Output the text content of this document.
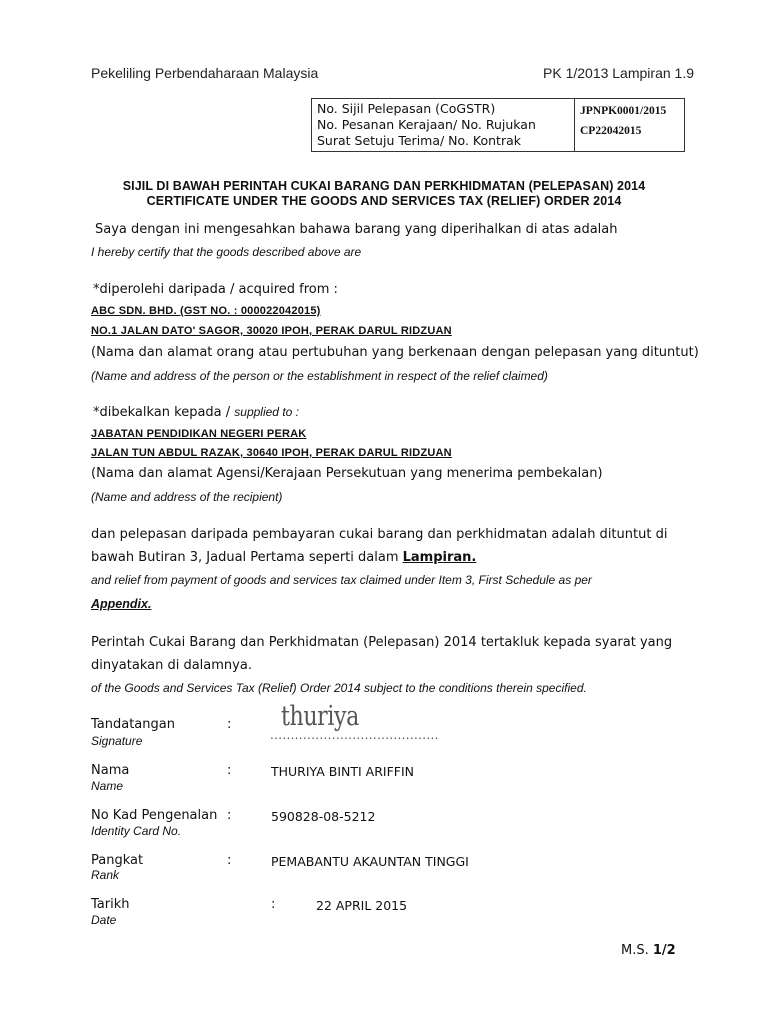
Pekeliling Perbendaharaan Malaysia	PK 1/2013 Lampiran 1.9
No. Sijil Pelepasan (CoGSTR)
No. Pesanan Kerajaan/ No. Rujukan
Surat Setuju Terima/ No. Kontrak

JPNPK0001/2015
CP22042015
SIJIL DI BAWAH PERINTAH CUKAI BARANG DAN PERKHIDMATAN (PELEPASAN) 2014
CERTIFICATE UNDER THE GOODS AND SERVICES TAX (RELIEF) ORDER 2014
Saya dengan ini mengesahkan bahawa barang yang diperihalkan di atas adalah
I hereby certify that the goods described above are
*diperolehi daripada / acquired from :
ABC SDN. BHD. (GST NO. : 000022042015)
NO.1 JALAN DATO' SAGOR, 30020 IPOH, PERAK DARUL RIDZUAN
(Nama dan alamat orang atau pertubuhan yang berkenaan dengan pelepasan yang dituntut)
(Name and address of the person or the establishment in respect of the relief claimed)
*dibekalkan kepada / supplied to :
JABATAN PENDIDIKAN NEGERI PERAK
JALAN TUN ABDUL RAZAK, 30640 IPOH, PERAK DARUL RIDZUAN
(Nama dan alamat Agensi/Kerajaan Persekutuan yang menerima pembekalan)
(Name and address of the recipient)
dan pelepasan daripada pembayaran cukai barang dan perkhidmatan adalah dituntut di
bawah Butiran 3, Jadual Pertama seperti dalam Lampiran.
and relief from payment of goods and services tax claimed under Item 3, First Schedule as per
Appendix.
Perintah Cukai Barang dan Perkhidmatan (Pelepasan) 2014 tertakluk kepada syarat yang
dinyatakan di dalamnya.
of the Goods and Services Tax (Relief) Order 2014 subject to the conditions therein specified.
Tandatangan
Signature
: thuriya
.........................................
Nama
Name
:	THURIYA BINTI ARIFFIN
No Kad Pengenalan
Identity Card No.
:	590828-08-5212
Pangkat
Rank
:	PEMABANTU AKAUNTAN TINGGI
Tarikh
Date
:	22 APRIL 2015
M.S. 1/2
